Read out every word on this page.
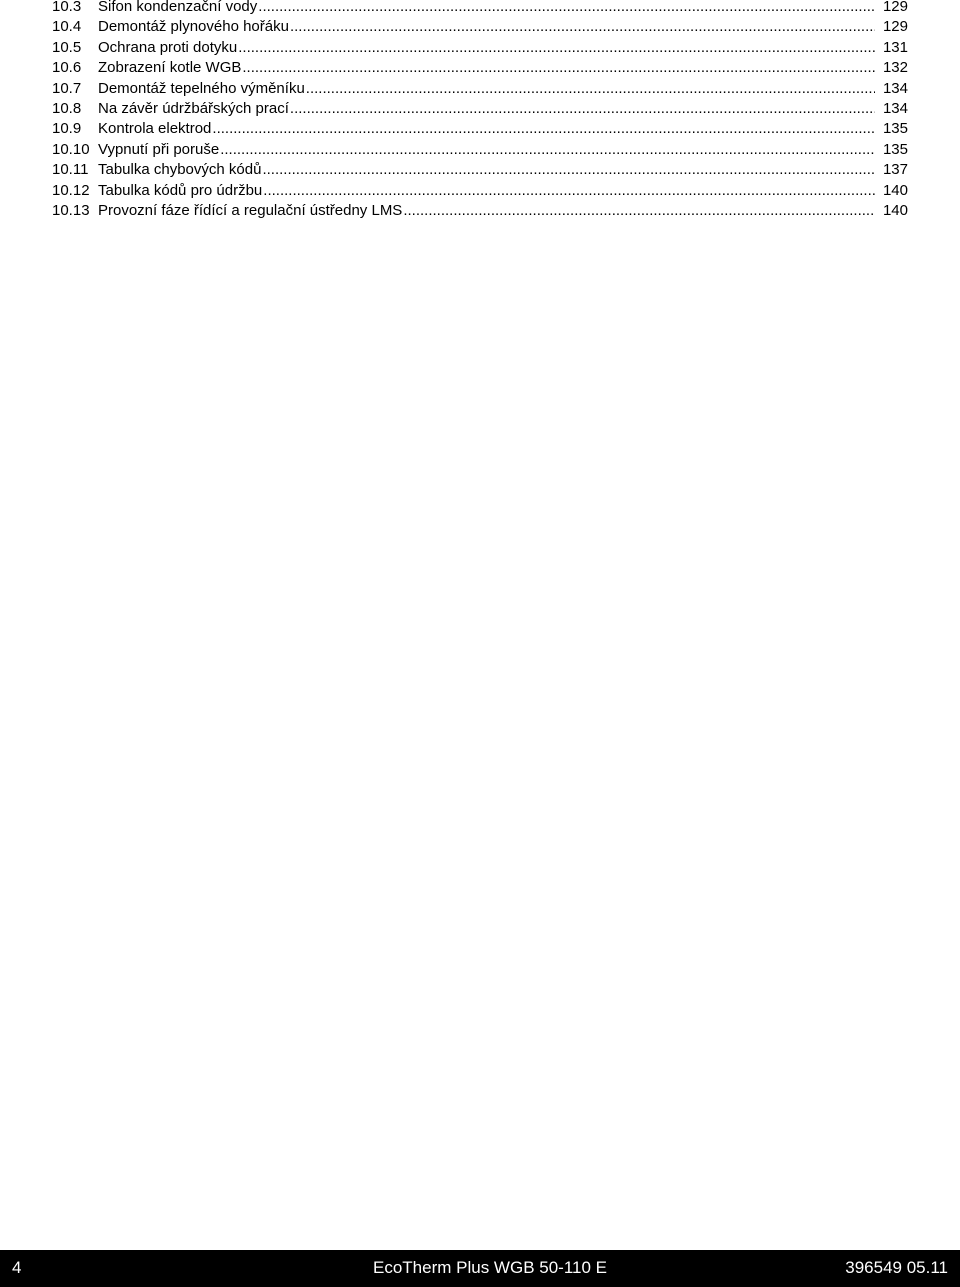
10.3	Sifon kondenzační vody .....	129
10.4	Demontáž plynového hořáku .....	129
10.5	Ochrana proti dotyku .....	131
10.6	Zobrazení kotle WGB .....	132
10.7	Demontáž tepelného výměníku .....	134
10.8	Na závěr údržbářských prací .....	134
10.9	Kontrola elektrod .....	135
10.10 Vypnutí při poruše .....	135
10.11 Tabulka chybových kódů .....	137
10.12 Tabulka kódů pro údržbu .....	140
10.13 Provozní fáze řídící a regulační ústředny LMS .....	140
4	EcoTherm Plus WGB 50-110 E	396549 05.11
